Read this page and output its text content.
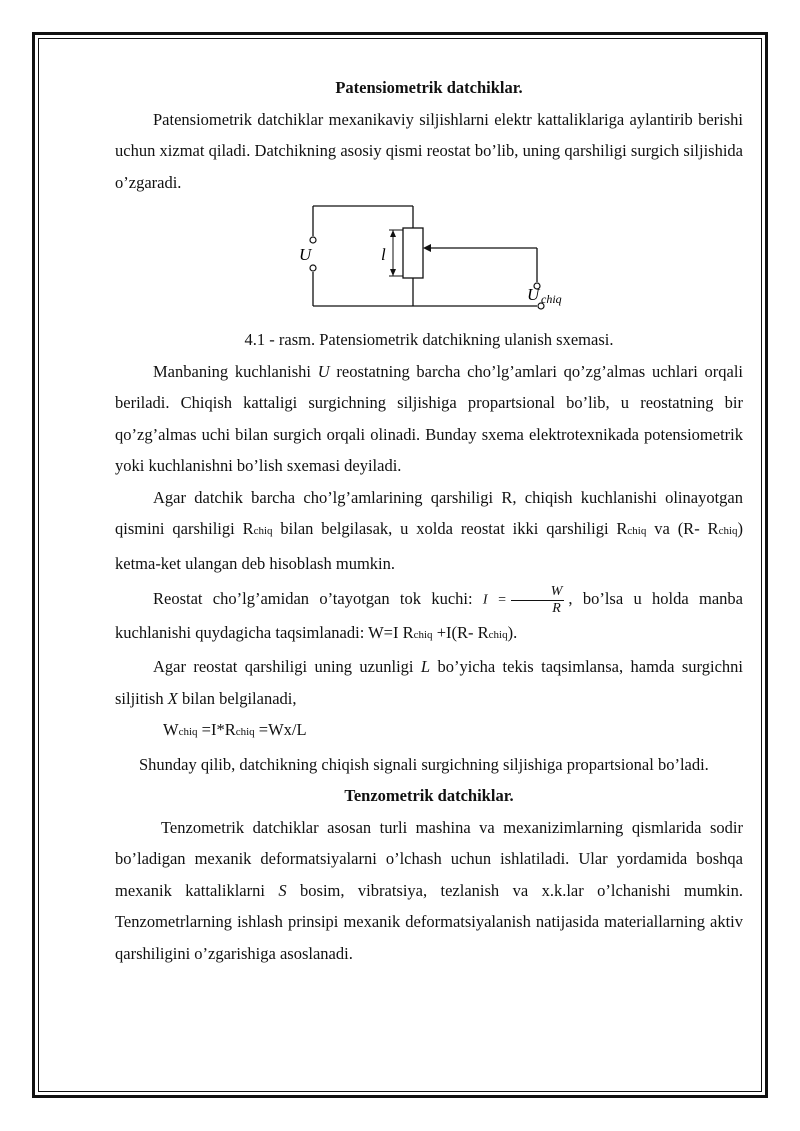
Patensiometrik datchiklar.

Patensiometrik datchiklar mexanikaviy siljishlarni elektr kattaliklariga aylantirib berishi uchun xizmat qiladi. Datchikning asosiy qismi reostat bo’lib, uning qarshiligi surgich siljishida o’zgaradi.

l
U
U chiq

4.1 - rasm. Patensiometrik datchikning ulanish sxemasi.

Manbaning kuchlanishi U reostatning barcha cho’lg’amlari qo’zg’almas uchlari orqali beriladi. Chiqish kattaligi surgichning siljishiga propartsional bo’lib, u reostatning bir qo’zg’almas uchi bilan surgich orqali olinadi. Bunday sxema elektrotexnikada potensiometrik yoki kuchlanishni bo’lish sxemasi deyiladi.

Agar datchik barcha cho’lg’amlarining qarshiligi R, chiqish kuchlanishi olinayotgan qismini qarshiligi Rchiq bilan belgilasak, u xolda reostat ikki qarshiligi Rchiq va (R- Rchiq) ketma-ket ulangan deb hisoblash mumkin.

Reostat cho’lg’amidan o’tayotgan tok kuchi: $I = \frac{W}{R}$ , bo’lsa u holda manba kuchlanishi quydagicha taqsimlanadi: W=I Rchiq +I(R- Rchiq).

Agar reostat qarshiligi uning uzunligi L bo’yicha tekis taqsimlansa, hamda surgichni siljitish X bilan belgilanadi,

Wchiq =I*Rchiq =Wx/L

Shunday qilib, datchikning chiqish signali surgichning siljishiga propartsional bo’ladi.

Tenzometrik datchiklar.

Tenzometrik datchiklar asosan turli mashina va mexanizimlarning qismlarida sodir bo’ladigan mexanik deformatsiyalarni o’lchash uchun ishlatiladi. Ular yordamida boshqa mexanik kattaliklarni S bosim, vibratsiya, tezlanish va x.k.lar o’lchanishi mumkin. Tenzometrlarning ishlash prinsipi mexanik deformatsiyalanish natijasida materiallarning aktiv qarshiligini o’zgarishiga asoslanadi.
